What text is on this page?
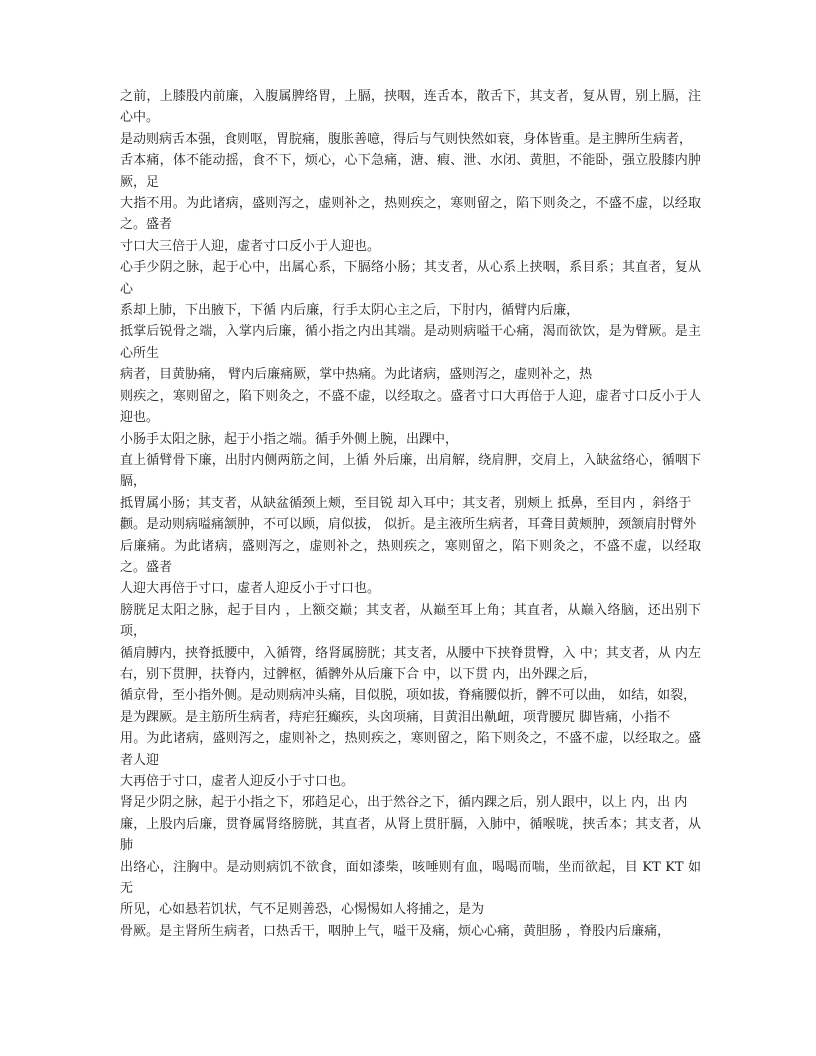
之前，上膝股内前廉，入腹属脾络胃，上膈，挟咽，连舌本，散舌下，其支者，复从胃，别上膈，注心中。

是动则病舌本强，食则呕，胃脘痛，腹胀善噫，得后与气则快然如衰，身体皆重。是主脾所生病者，

舌本痛，体不能动摇，食不下，烦心，心下急痛，溏、瘕、泄、水闭、黄胆，不能卧，强立股膝内肿厥，足

大指不用。为此诸病，盛则泻之，虚则补之，热则疾之，寒则留之，陷下则灸之，不盛不虚，以经取之。盛者

寸口大三倍于人迎，虚者寸口反小于人迎也。

心手少阴之脉，起于心中，出属心系，下膈络小肠；其支者，从心系上挟咽，系目系；其直者，复从心

系却上肺，下出腋下，下循 内后廉，行手太阴心主之后，下肘内，循臂内后廉，

抵掌后锐骨之端，入掌内后廉，循小指之内出其端。是动则病嗌干心痛，渴而欲饮，是为臂厥。是主心所生

病者，目黄胁痛， 臂内后廉痛厥，掌中热痛。为此诸病，盛则泻之，虚则补之，热

则疾之，寒则留之，陷下则灸之，不盛不虚，以经取之。盛者寸口大再倍于人迎，虚者寸口反小于人迎也。

小肠手太阳之脉，起于小指之端。循手外侧上腕，出踝中，

直上循臂骨下廉，出肘内侧两筋之间，上循 外后廉，出肩解，绕肩胛，交肩上，入缺盆络心，循咽下膈，

抵胃属小肠；其支者，从缺盆循颈上颊，至目锐 却入耳中；其支者，别颊上 抵鼻，至目内 ，斜络于

颧。是动则病嗌痛颔肿，不可以顾，肩似拔， 似折。是主液所生病者，耳聋目黄颊肿，颈颔肩肘臂外

后廉痛。为此诸病，盛则泻之，虚则补之，热则疾之，寒则留之，陷下则灸之，不盛不虚，以经取之。盛者

人迎大再倍于寸口，虚者人迎反小于寸口也。

膀胱足太阳之脉，起于目内 ，上额交巅；其支者，从巅至耳上角；其直者，从巅入络脑，还出别下项，

循肩膊内，挟脊抵腰中，入循膂，络肾属膀胱；其支者，从腰中下挟脊贯臀，入 中；其支者，从 内左右，别下贯胛，扶脊内，过髀枢，循髀外从后廉下合 中，以下贯 内，出外踝之后，

循京骨，至小指外侧。是动则病冲头痛，目似脱，项如拔，脊痛腰似折，髀不可以曲， 如结，如裂，

是为踝厥。是主筋所生病者，痔疟狂癫疾，头囟项痛，目黄泪出鼽衄，项背腰尻 脚皆痛，小指不

用。为此诸病，盛则泻之，虚则补之，热则疾之，寒则留之，陷下则灸之，不盛不虚，以经取之。盛者人迎

大再倍于寸口，虚者人迎反小于寸口也。

肾足少阴之脉，起于小指之下，邪趋足心，出于然谷之下，循内踝之后，别人跟中，以上 内，出 内

廉，上股内后廉，贯脊属肾络膀胱，其直者，从肾上贯肝膈，入肺中，循喉咙，挟舌本；其支者，从肺

出络心，注胸中。是动则病饥不欲食，面如漆柴，咳唾则有血，喝喝而喘，坐而欲起，目 KT KT 如无

所见，心如悬若饥状，气不足则善恐，心惕惕如人将捕之，是为

骨厥。是主肾所生病者，口热舌干，咽肿上气，嗌干及痛，烦心心痛，黄胆肠 ，脊股内后廉痛，
